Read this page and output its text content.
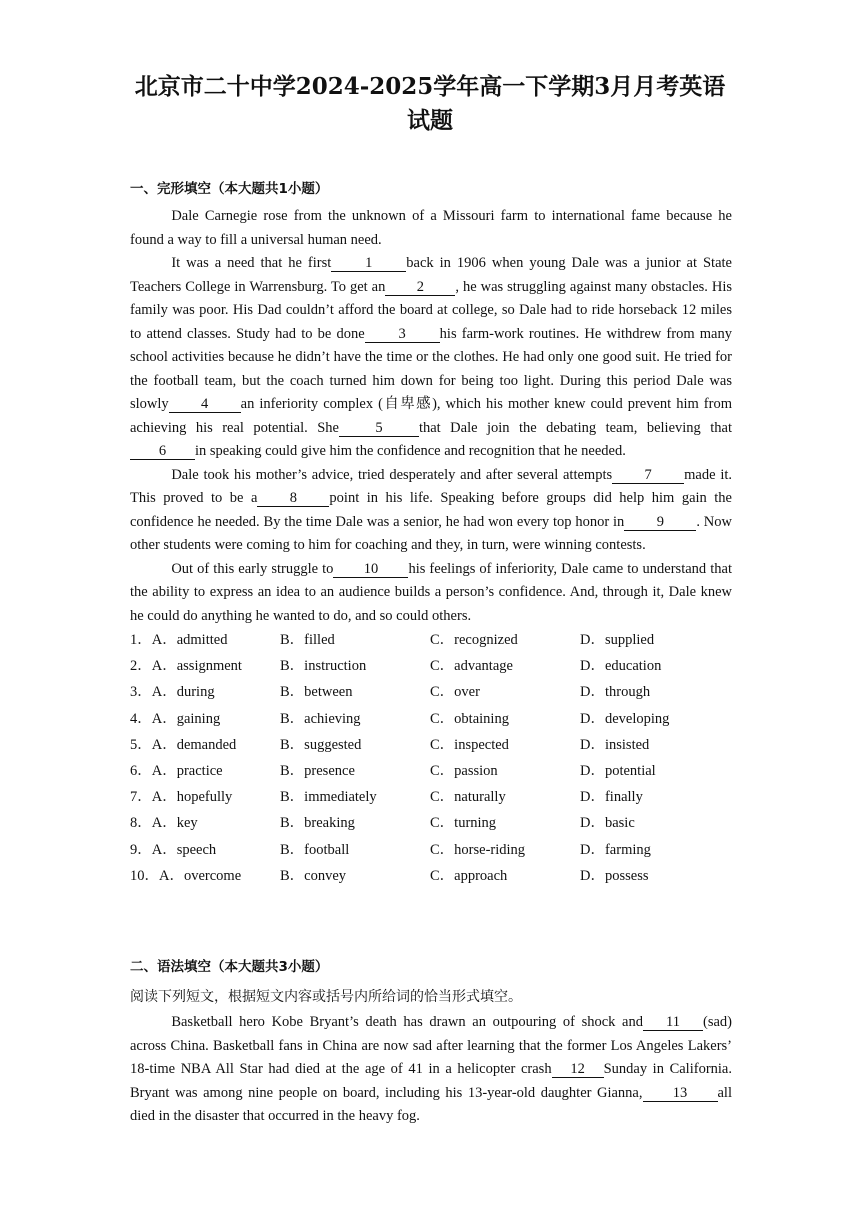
北京市二十中学2024-2025学年高一下学期3月月考英语
试题
一、完形填空（本大题共1小题）

Dale Carnegie rose from the unknown of a Missouri farm to international fame because he found a way to fill a universal human need.

It was a need that he first 1 back in 1906 when young Dale was a junior at State Teachers College in Warrensburg. To get an 2 , he was struggling against many obstacles. His family was poor. His Dad couldn’t afford the board at college, so Dale had to ride horseback 12 miles to attend classes. Study had to be done 3 his farm-work routines. He withdrew from many school activities because he didn’t have the time or the clothes. He had only one good suit. He tried for the football team, but the coach turned him down for being too light. During this period Dale was slowly 4 an inferiority complex (自卑感), which his mother knew could prevent him from achieving his real potential. She	5	that Dale join the debating team, believing that6 in speaking could give him the confidence and recognition that he needed.

Dale took his mother’s advice, tried desperately and after several attempts 7 made it. This proved to be a 8 point in his life. Speaking before groups did help him gain the confidence he needed. By the time Dale was a senior, he had won every top honor in 9 . Now other students were coming to him for coaching and they, in turn, were winning contests.

Out of this early struggle to 10 his feelings of inferiority, Dale came to understand that the ability to express an idea to an audience builds a person’s confidence. And, through it, Dale knew he could do anything he wanted to do, and so could others.

1．A．admitted	B．filled	C．recognized	D．supplied
2．A．assignment	B．instruction	C．advantage	D．education
3．A．during	B．between	C．over	D．through
4．A．gaining	B．achieving	C．obtaining	D．developing
5．A．demanded	B．suggested	C．inspected	D．insisted
6．A．practice	B．presence	C．passion	D．potential
7．A．hopefully	B．immediately	C．naturally	D．finally
8．A．key	B．breaking	C．turning	D．basic
9．A．speech	B．football	C．horse-riding	D．farming
10．A．overcome	B．convey	C．approach	D．possess
二、语法填空（本大题共3小题）
阅读下列短文，根据短文内容或括号内所给词的恰当形式填空。

Basketball hero Kobe Bryant’s death has drawn an outpouring of shock and 11 (sad) across China. Basketball fans in China are now sad after learning that the former Los Angeles Lakers’ 18-time NBA All Star had died at the age of 41 in a helicopter crash 12 Sunday in California. Bryant was among nine people on board, including his 13-year-old daughter Gianna, 13 all died in the disaster that occurred in the heavy fog.
